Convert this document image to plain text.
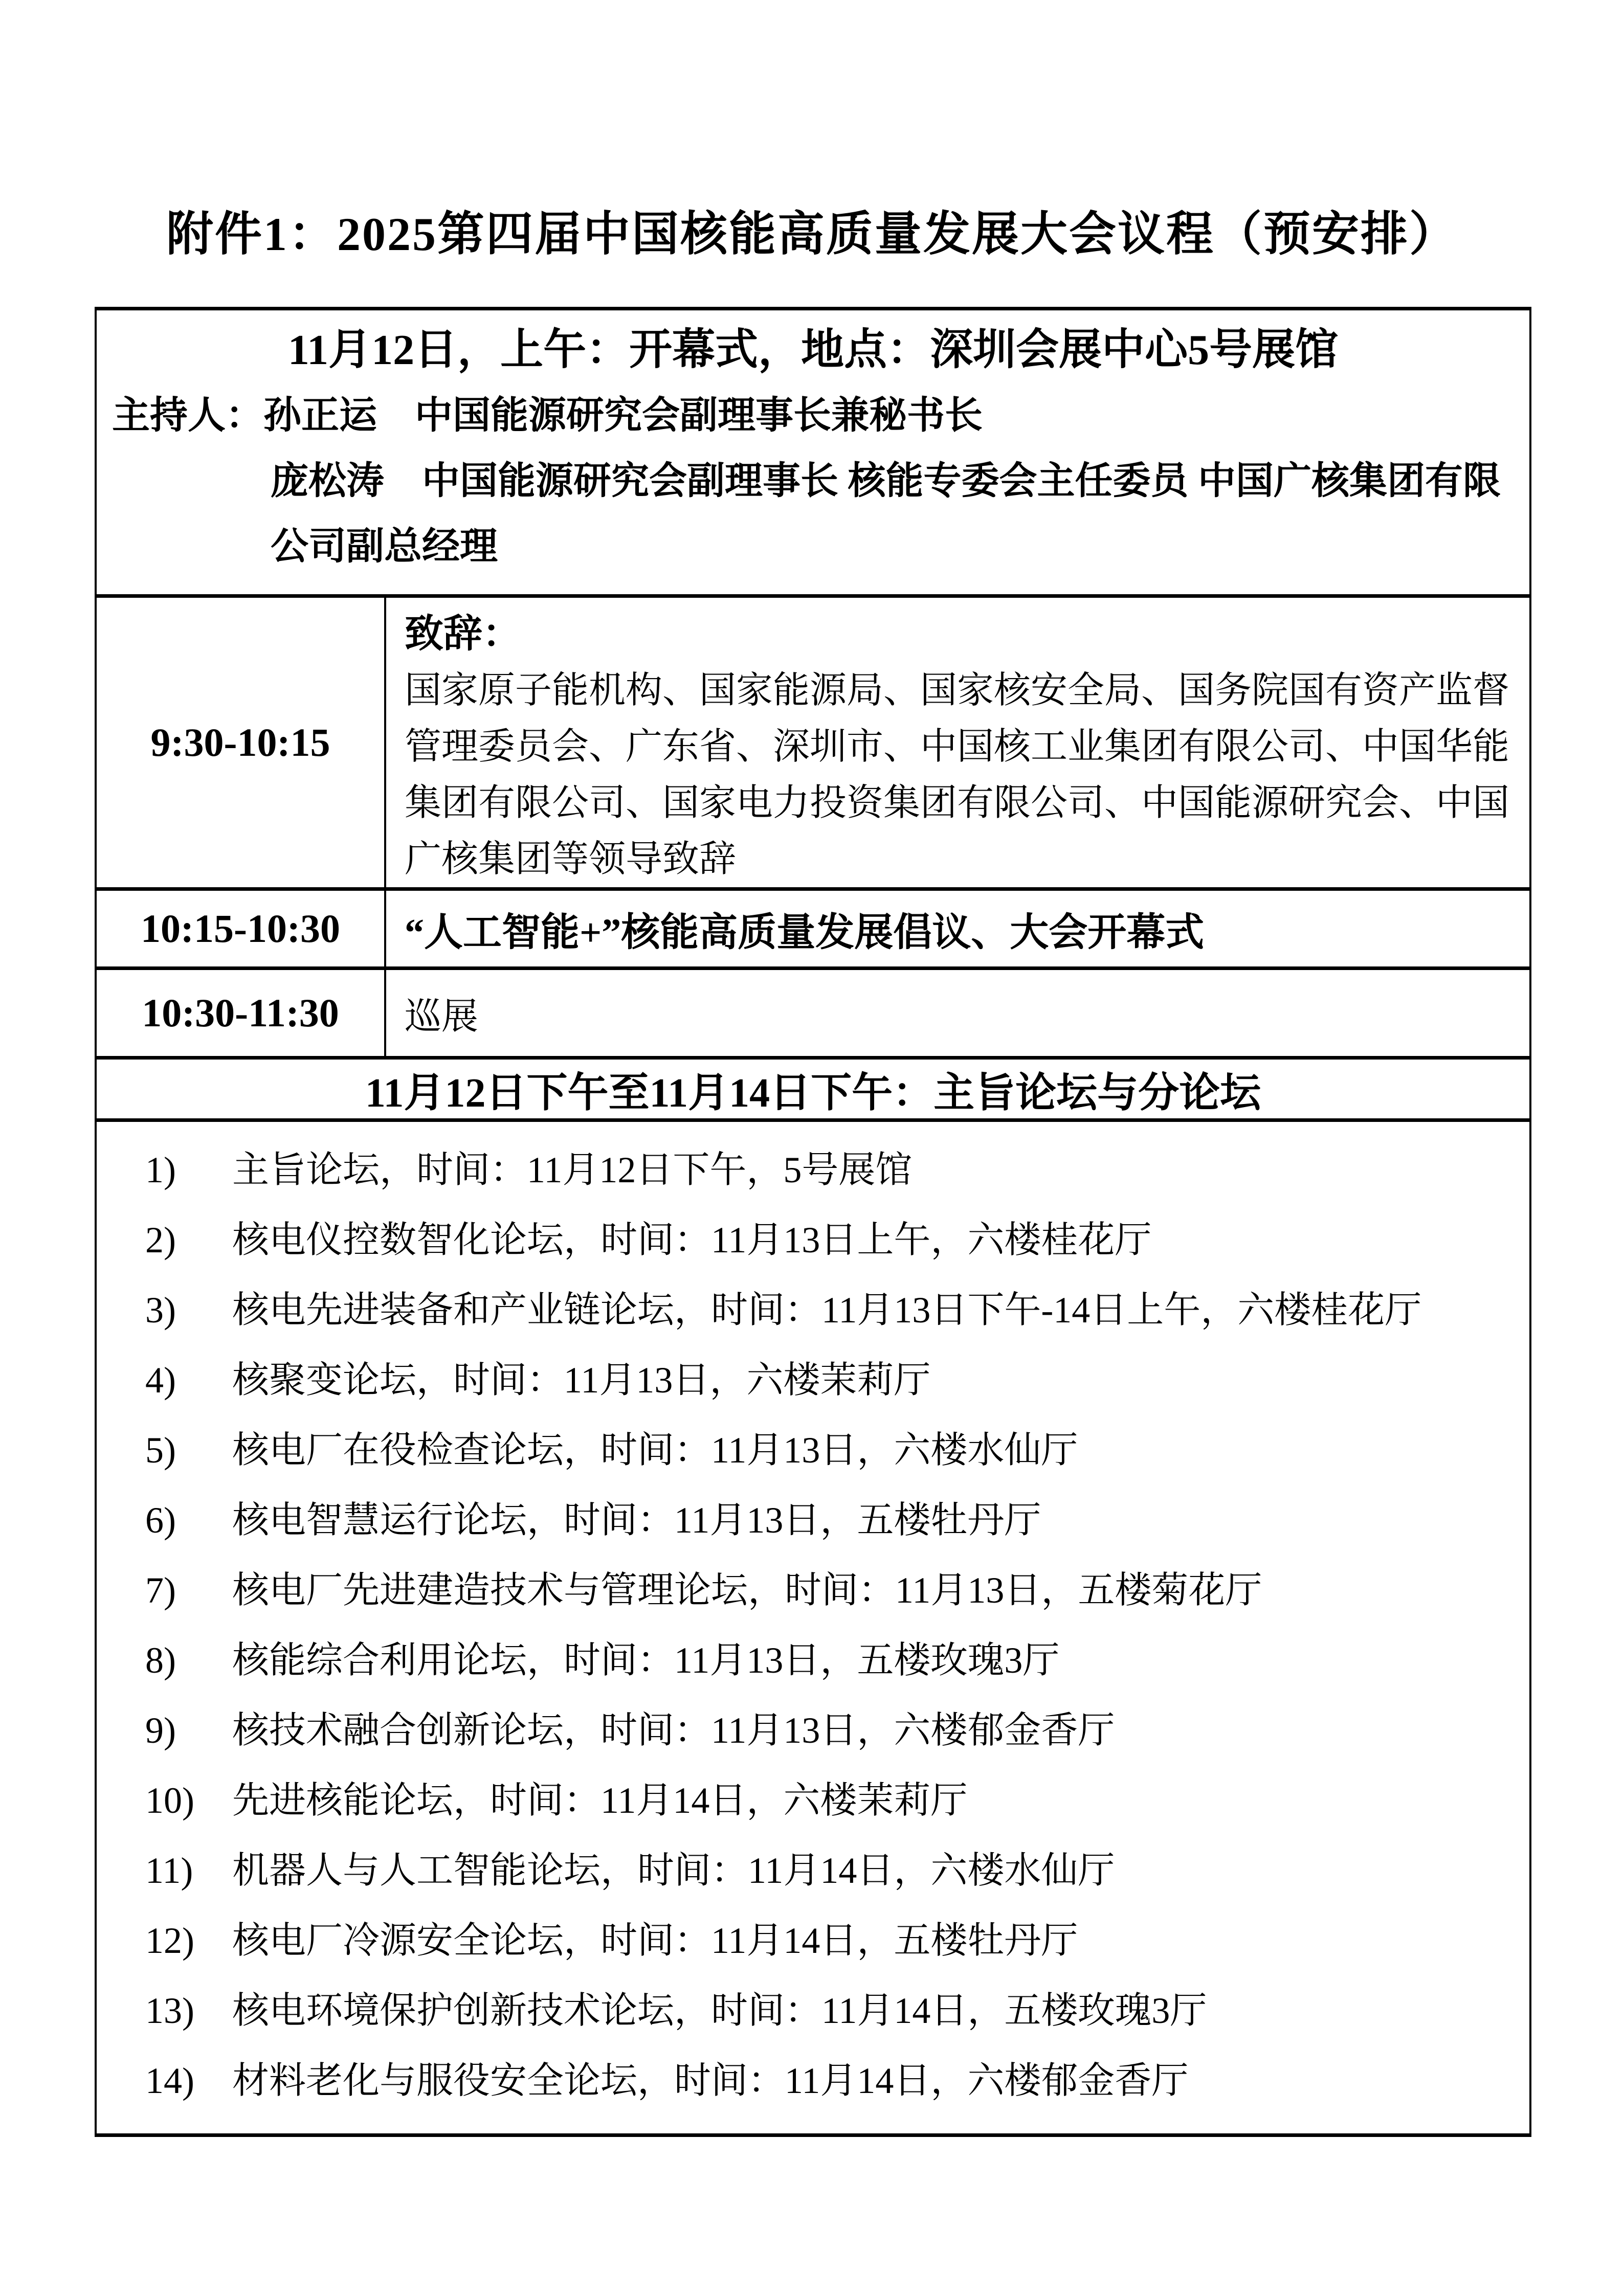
附件1：2025第四届中国核能高质量发展大会议程（预安排）
11月12日，上午：开幕式，地点：深圳会展中心5号展馆
主持人：孙正运　中国能源研究会副理事长兼秘书长
庞松涛　中国能源研究会副理事长 核能专委会主任委员 中国广核集团有限
公司副总经理	

9:30-10:15	致辞：
国家原子能机构、国家能源局、国家核安全局、国务院国有资产监督
管理委员会、广东省、深圳市、中国核工业集团有限公司、中国华能
集团有限公司、国家电力投资集团有限公司、中国能源研究会、中国
广核集团等领导致辞

10:15-10:30	“人工智能+”核能高质量发展倡议、大会开幕式
10:30-11:30	巡展
11月12日下午至11月14日下午：主旨论坛与分论坛	

1) 主旨论坛，时间：11月12日下午，5号展馆
2) 核电仪控数智化论坛，时间：11月13日上午，六楼桂花厅
3) 核电先进装备和产业链论坛，时间：11月13日下午-14日上午，六楼桂花厅
4) 核聚变论坛，时间：11月13日，六楼茉莉厅
5) 核电厂在役检查论坛，时间：11月13日，六楼水仙厅
6) 核电智慧运行论坛，时间：11月13日，五楼牡丹厅
7) 核电厂先进建造技术与管理论坛，时间：11月13日，五楼菊花厅
8) 核能综合利用论坛，时间：11月13日，五楼玫瑰3厅
9) 核技术融合创新论坛，时间：11月13日，六楼郁金香厅
10) 先进核能论坛，时间：11月14日，六楼茉莉厅
11) 机器人与人工智能论坛，时间：11月14日，六楼水仙厅
12) 核电厂冷源安全论坛，时间：11月14日，五楼牡丹厅
13) 核电环境保护创新技术论坛，时间：11月14日，五楼玫瑰3厅
14) 材料老化与服役安全论坛，时间：11月14日，六楼郁金香厅
